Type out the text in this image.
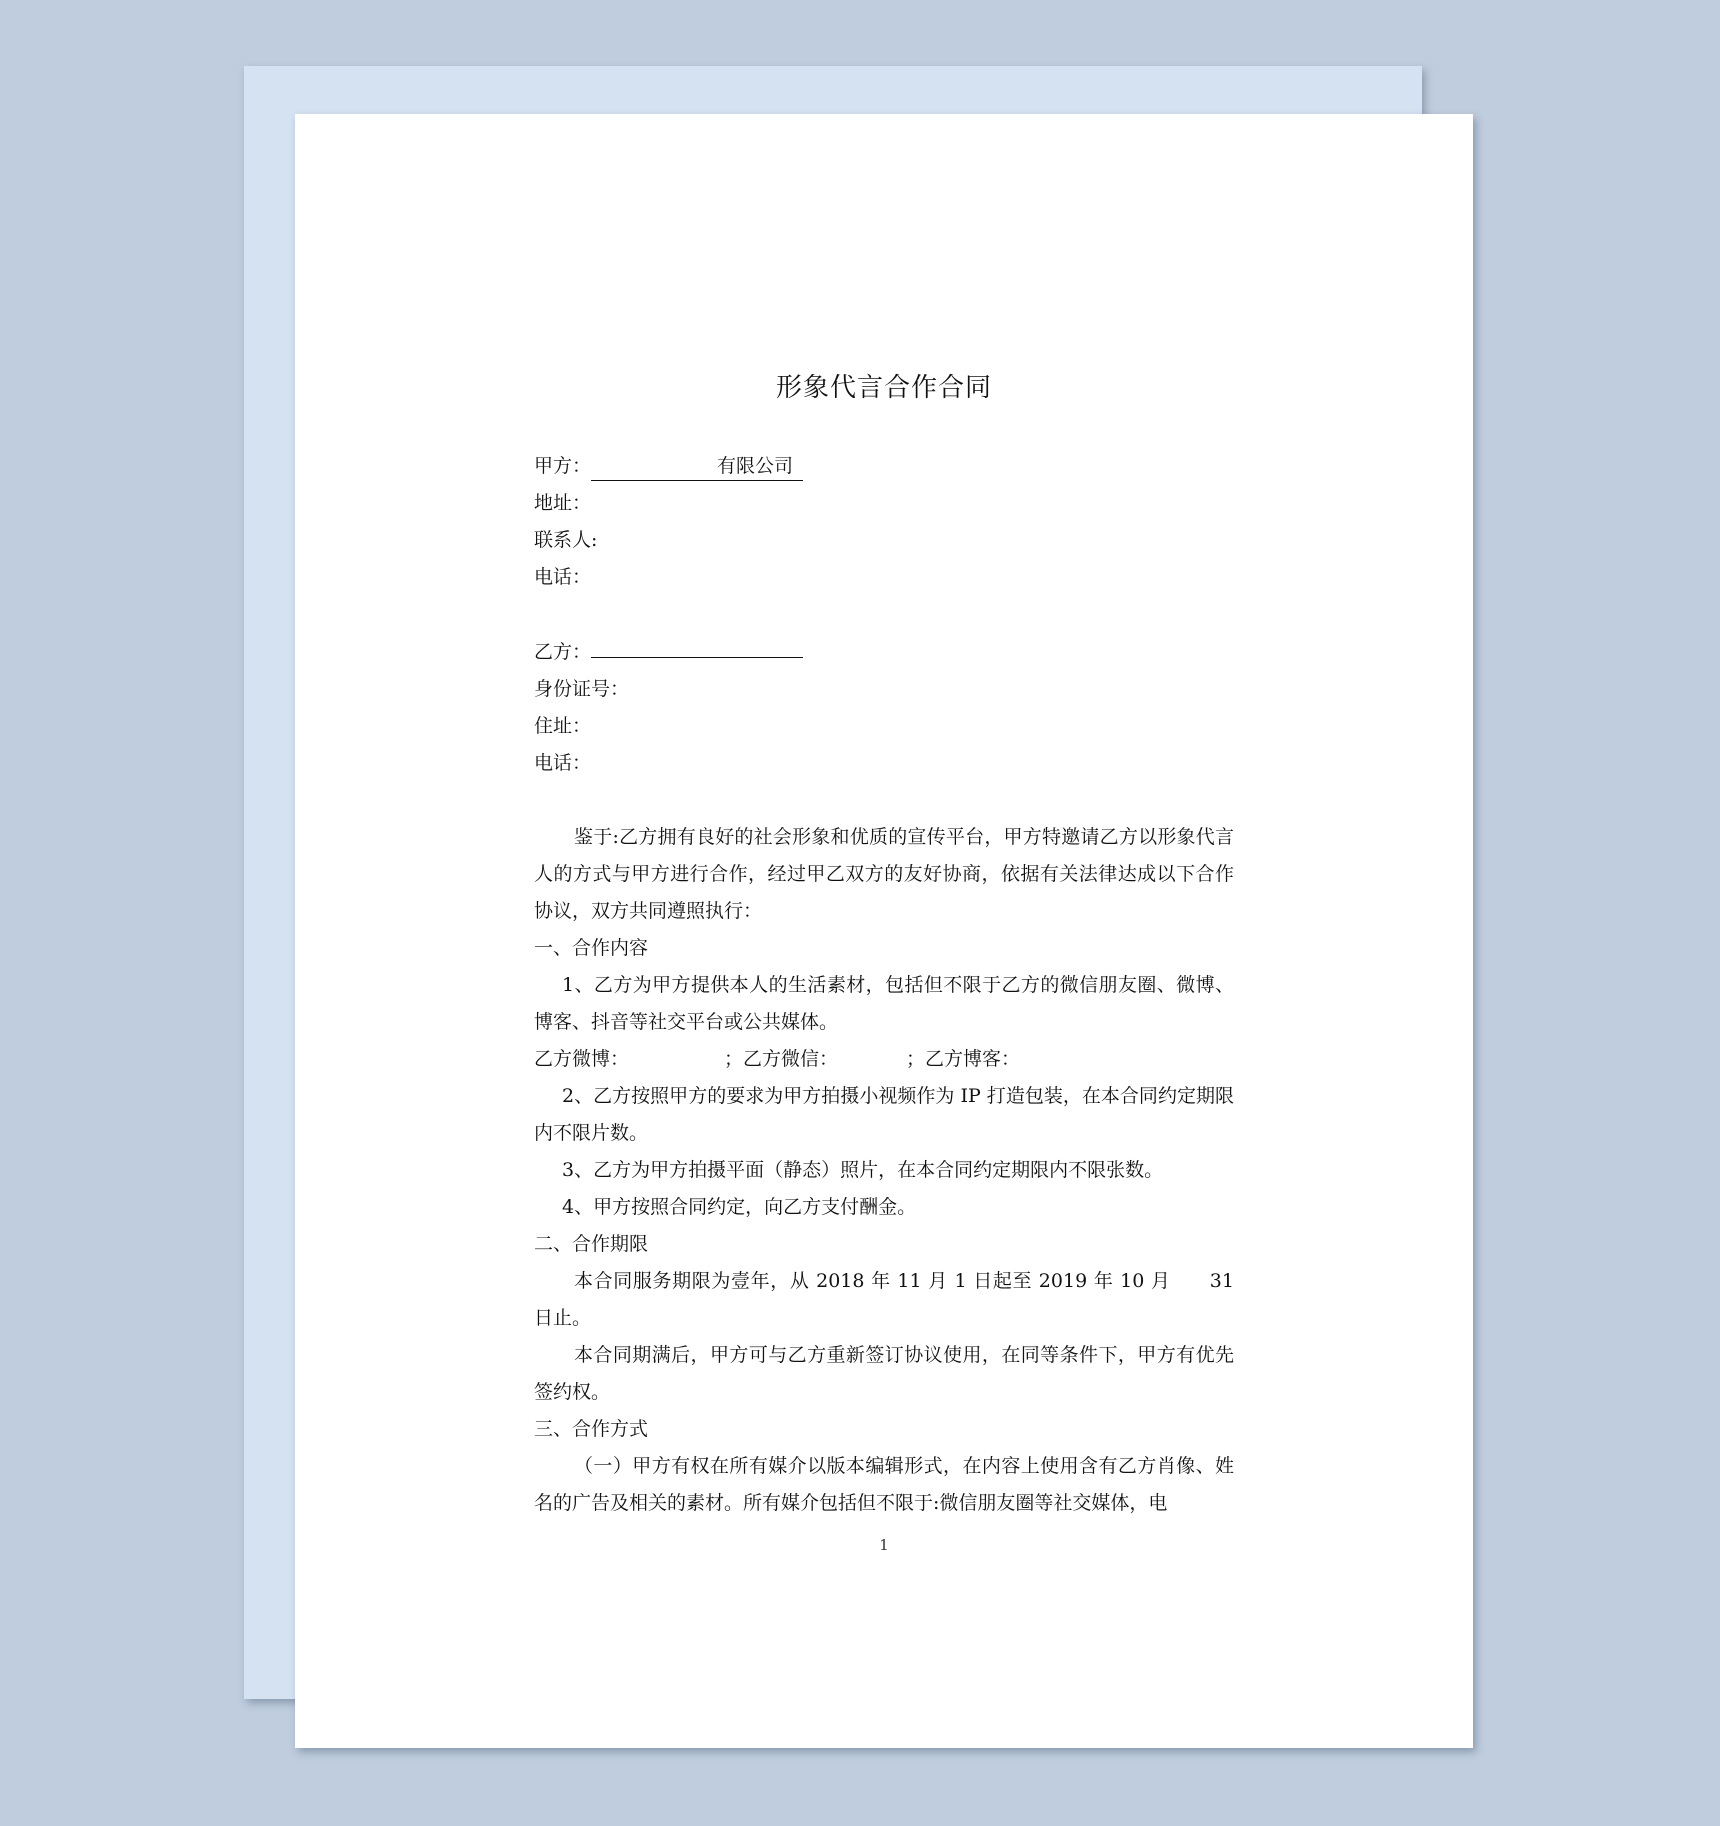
形象代言合作合同
甲方：	有限公司
地址：
联系人:
电话：
乙方：
身份证号：
住址：
电话：
鉴于:乙方拥有良好的社会形象和优质的宣传平台，甲方特邀请乙方以形象代言人的方式与甲方进行合作，经过甲乙双方的友好协商，依据有关法律达成以下合作协议，双方共同遵照执行：
一、合作内容
1、乙方为甲方提供本人的生活素材，包括但不限于乙方的微信朋友圈、微博、博客、抖音等社交平台或公共媒体。
乙方微博：	；乙方微信：	；乙方博客：
2、乙方按照甲方的要求为甲方拍摄小视频作为 IP 打造包装，在本合同约定期限内不限片数。
3、乙方为甲方拍摄平面（静态）照片，在本合同约定期限内不限张数。
4、甲方按照合同约定，向乙方支付酬金。
二、合作期限
本合同服务期限为壹年，从 2018 年 11 月 1 日起至 2019 年 10 月　　31 日止。
本合同期满后，甲方可与乙方重新签订协议使用，在同等条件下，甲方有优先签约权。
三、合作方式
（一）甲方有权在所有媒介以版本编辑形式，在内容上使用含有乙方肖像、姓名的广告及相关的素材。所有媒介包括但不限于:微信朋友圈等社交媒体，电
1
